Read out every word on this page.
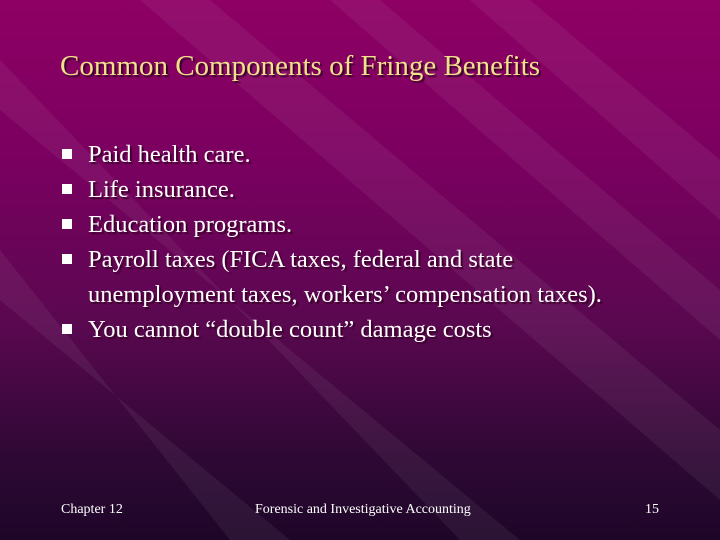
Common Components of Fringe Benefits
Paid health care.
Life insurance.
Education programs.
Payroll taxes (FICA taxes, federal and state unemployment taxes, workers’ compensation taxes).
You cannot “double count” damage costs
Chapter 12	Forensic and Investigative Accounting	15
